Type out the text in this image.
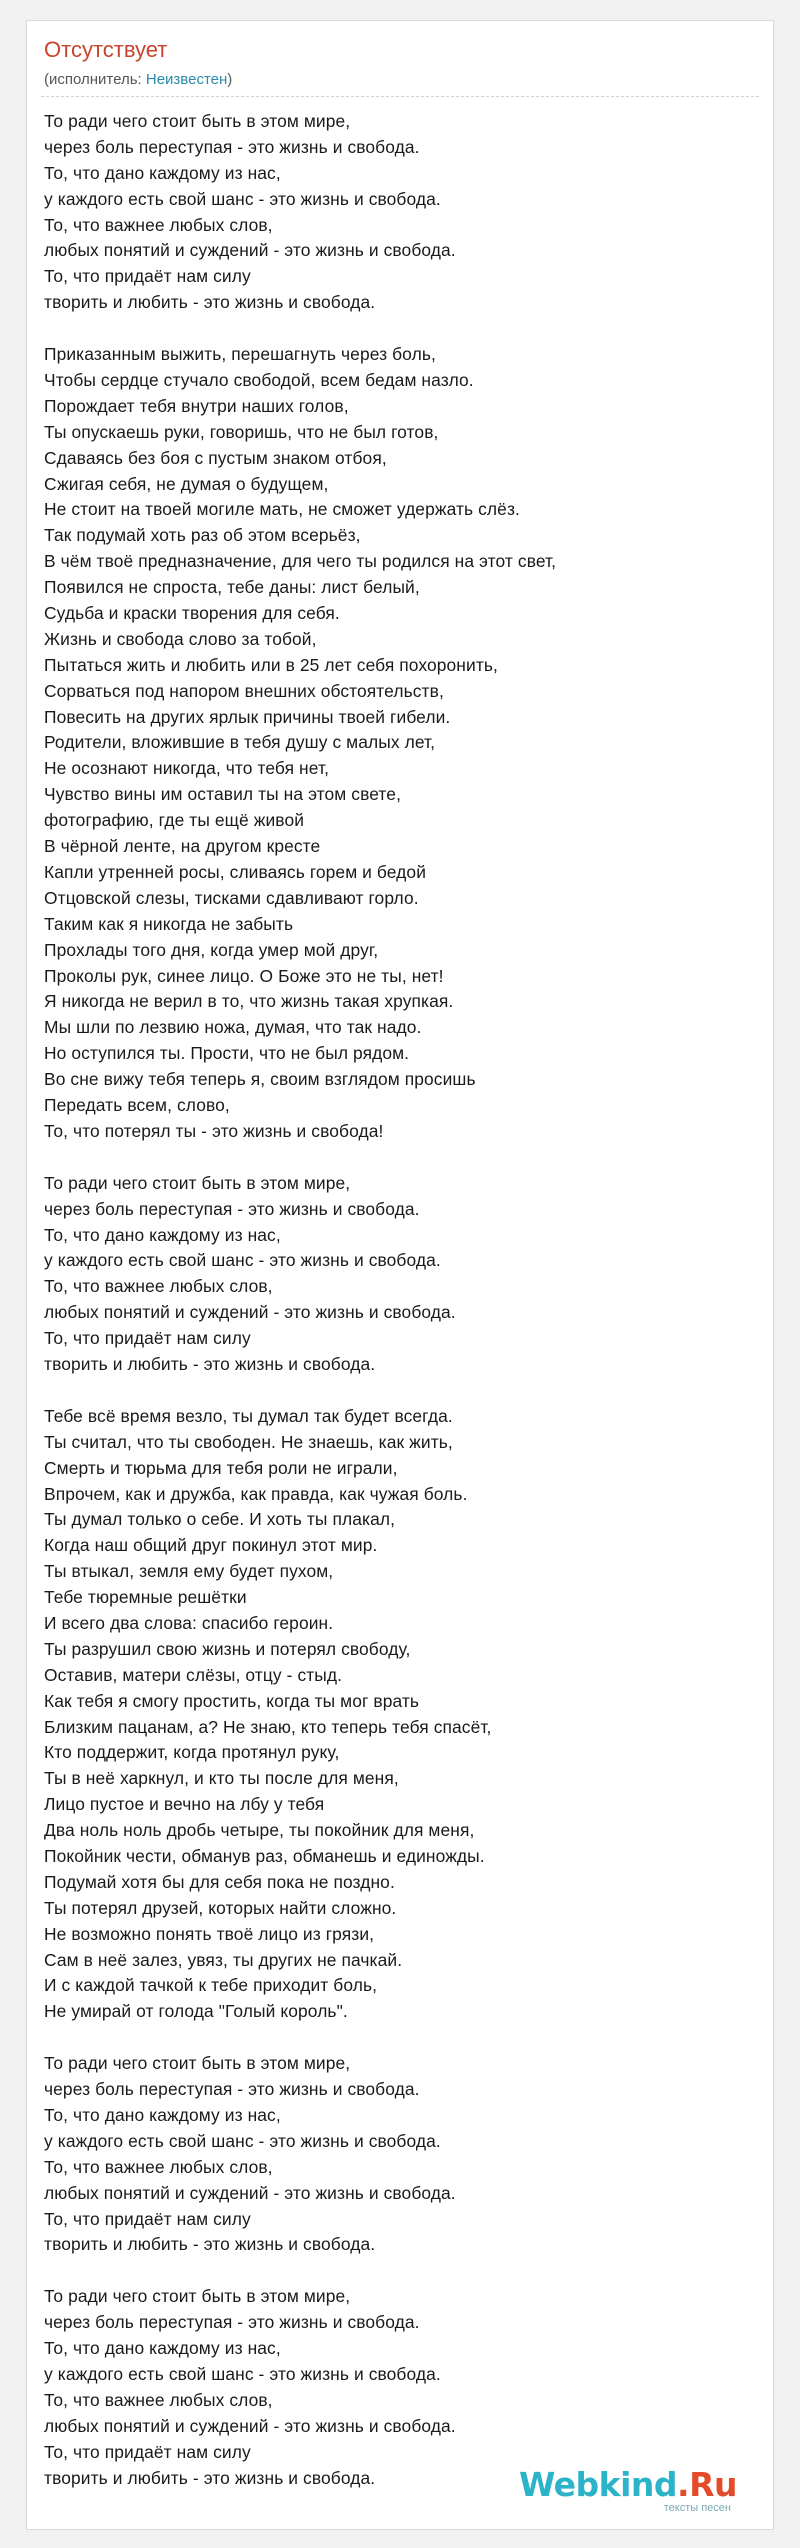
Отсутствует
(исполнитель: Неизвестен)
То ради чего стоит быть в этом мире,
через боль переступая - это жизнь и свобода.
То, что дано каждому из нас,
у каждого есть свой шанс - это жизнь и свобода.
То, что важнее любых слов,
любых понятий и суждений - это жизнь и свобода.
То, что придаёт нам силу
творить и любить - это жизнь и свобода.
Приказанным выжить, перешагнуть через боль,
Чтобы сердце стучало свободой, всем бедам назло.
Порождает тебя внутри наших голов,
Ты опускаешь руки, говоришь, что не был готов,
Сдаваясь без боя с пустым знаком отбоя,
Сжигая себя, не думая о будущем,
Не стоит на твоей могиле мать, не сможет удержать слёз.
Так подумай хоть раз об этом всерьёз,
В чём твоё предназначение, для чего ты родился на этот свет,
Появился не спроста, тебе даны: лист белый,
Судьба и краски творения для себя.
Жизнь и свобода слово за тобой,
Пытаться жить и любить или в 25 лет себя похоронить,
Сорваться под напором внешних обстоятельств,
Повесить на других ярлык причины твоей гибели.
Родители, вложившие в тебя душу с малых лет,
Не осознают никогда, что тебя нет,
Чувство вины им оставил ты на этом свете,
фотографию, где ты ещё живой
В чёрной ленте, на другом кресте
Капли утренней росы, сливаясь горем и бедой
Отцовской слезы, тисками сдавливают горло.
Таким как я никогда не забыть
Прохлады того дня, когда умер мой друг,
Проколы рук, синее лицо. О Боже это не ты, нет!
Я никогда не верил в то, что жизнь такая хрупкая.
Мы шли по лезвию ножа, думая, что так надо.
Но оступился ты. Прости, что не был рядом.
Во сне вижу тебя теперь я, своим взглядом просишь
Передать всем, слово,
То, что потерял ты - это жизнь и свобода!
То ради чего стоит быть в этом мире,
через боль переступая - это жизнь и свобода.
То, что дано каждому из нас,
у каждого есть свой шанс - это жизнь и свобода.
То, что важнее любых слов,
любых понятий и суждений - это жизнь и свобода.
То, что придаёт нам силу
творить и любить - это жизнь и свобода.
Тебе всё время везло, ты думал так будет всегда.
Ты считал, что ты свободен. Не знаешь, как жить,
Смерть и тюрьма для тебя роли не играли,
Впрочем, как и дружба, как правда, как чужая боль.
Ты думал только о себе. И хоть ты плакал,
Когда наш общий друг покинул этот мир.
Ты втыкал, земля ему будет пухом,
Тебе тюремные решётки
И всего два слова: спасибо героин.
Ты разрушил свою жизнь и потерял свободу,
Оставив, матери слёзы, отцу - стыд.
Как тебя я смогу простить, когда ты мог врать
Близким пацанам, а? Не знаю, кто теперь тебя спасёт,
Кто поддержит, когда протянул руку,
Ты в неё харкнул, и кто ты после для меня,
Лицо пустое и вечно на лбу у тебя
Два ноль ноль дробь четыре, ты покойник для меня,
Покойник чести, обманув раз, обманешь и единожды.
Подумай хотя бы для себя пока не поздно.
Ты потерял друзей, которых найти сложно.
Не возможно понять твоё лицо из грязи,
Сам в неё залез, увяз, ты других не пачкай.
И с каждой тачкой к тебе приходит боль,
Не умирай от голода "Голый король".
То ради чего стоит быть в этом мире,
через боль переступая - это жизнь и свобода.
То, что дано каждому из нас,
у каждого есть свой шанс - это жизнь и свобода.
То, что важнее любых слов,
любых понятий и суждений - это жизнь и свобода.
То, что придаёт нам силу
творить и любить - это жизнь и свобода.
То ради чего стоит быть в этом мире,
через боль переступая - это жизнь и свобода.
То, что дано каждому из нас,
у каждого есть свой шанс - это жизнь и свобода.
То, что важнее любых слов,
любых понятий и суждений - это жизнь и свобода.
То, что придаёт нам силу
творить и любить - это жизнь и свобода.	Webkind.Ru
тексты песен
